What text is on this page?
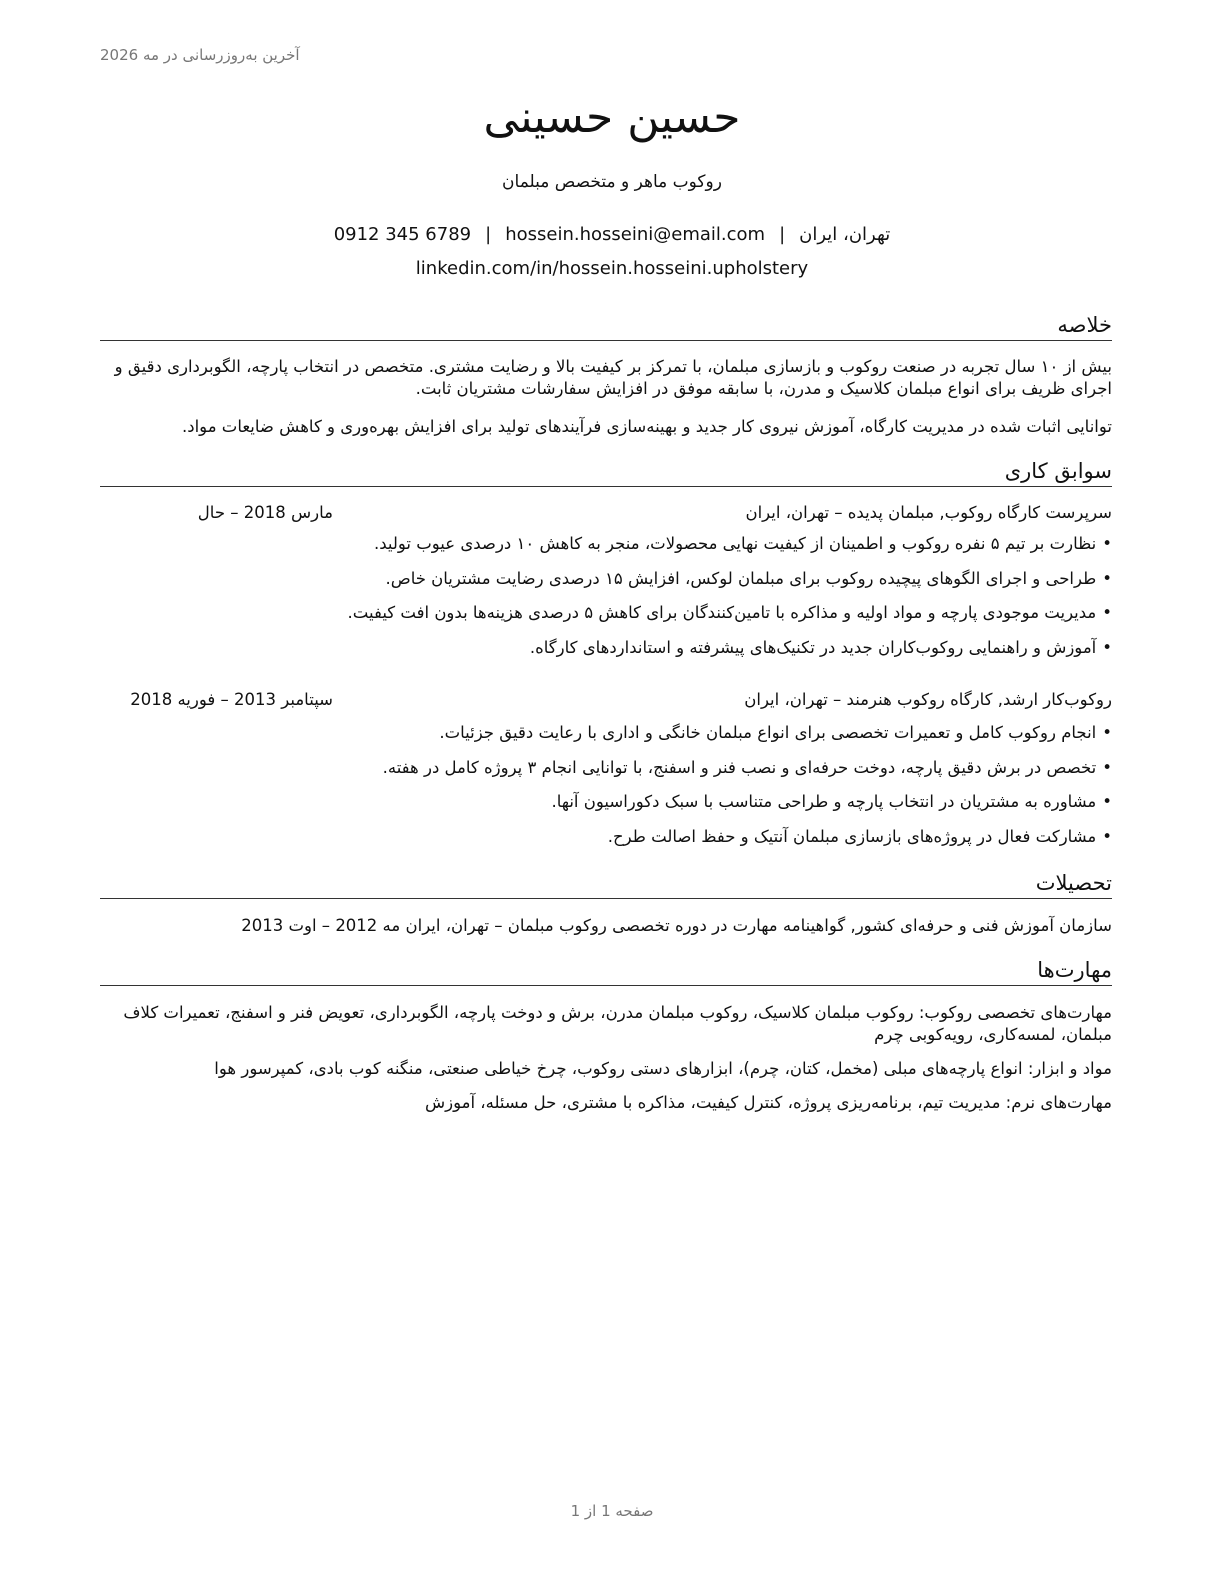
آخرین به‌روزرسانی در مه 2026
حسین حسینی
روکوب ماهر و متخصص مبلمان
تهران، ایران|hossein.hosseini@email.com|0912 345 6789
linkedin.com/in/hossein.hosseini.upholstery
خلاصه
بیش از ۱۰ سال تجربه در صنعت روکوب و بازسازی مبلمان، با تمرکز بر کیفیت بالا و رضایت مشتری. متخصص در انتخاب پارچه، الگوبرداری دقیق و اجرای ظریف برای انواع مبلمان کلاسیک و مدرن، با سابقه موفق در افزایش سفارشات مشتریان ثابت.
توانایی اثبات شده در مدیریت کارگاه، آموزش نیروی کار جدید و بهینه‌سازی فرآیندهای تولید برای افزایش بهره‌وری و کاهش ضایعات مواد.
سوابق کاری
سرپرست کارگاه روکوب, مبلمان پدیده – تهران، ایران
مارس 2018 – حال
• نظارت بر تیم ۵ نفره روکوب و اطمینان از کیفیت نهایی محصولات، منجر به کاهش ۱۰ درصدی عیوب تولید.
• طراحی و اجرای الگوهای پیچیده روکوب برای مبلمان لوکس، افزایش ۱۵ درصدی رضایت مشتریان خاص.
• مدیریت موجودی پارچه و مواد اولیه و مذاکره با تامین‌کنندگان برای کاهش ۵ درصدی هزینه‌ها بدون افت کیفیت.
• آموزش و راهنمایی روکوب‌کاران جدید در تکنیک‌های پیشرفته و استانداردهای کارگاه.
روکوب‌کار ارشد, کارگاه روکوب هنرمند – تهران، ایران
سپتامبر 2013 – فوریه 2018
• انجام روکوب کامل و تعمیرات تخصصی برای انواع مبلمان خانگی و اداری با رعایت دقیق جزئیات.
• تخصص در برش دقیق پارچه، دوخت حرفه‌ای و نصب فنر و اسفنج، با توانایی انجام ۳ پروژه کامل در هفته.
• مشاوره به مشتریان در انتخاب پارچه و طراحی متناسب با سبک دکوراسیون آنها.
• مشارکت فعال در پروژه‌های بازسازی مبلمان آنتیک و حفظ اصالت طرح.
تحصیلات
سازمان آموزش فنی و حرفه‌ای کشور, گواهینامه مهارت در دوره تخصصی روکوب مبلمان – تهران، ایران مه 2012 – اوت 2013
مهارت‌ها

مهارت‌های تخصصی روکوب: روکوب مبلمان کلاسیک، روکوب مبلمان مدرن، برش و دوخت پارچه، الگوبرداری، تعویض فنر و اسفنج، تعمیرات کلاف مبلمان، لمسه‌کاری، رویه‌کوبی چرم

مواد و ابزار: انواع پارچه‌های مبلی (مخمل، کتان، چرم)، ابزارهای دستی روکوب، چرخ خیاطی صنعتی، منگنه کوب بادی، کمپرسور هوا

مهارت‌های نرم: مدیریت تیم، برنامه‌ریزی پروژه، کنترل کیفیت، مذاکره با مشتری، حل مسئله، آموزش

صفحه 1 از 1
